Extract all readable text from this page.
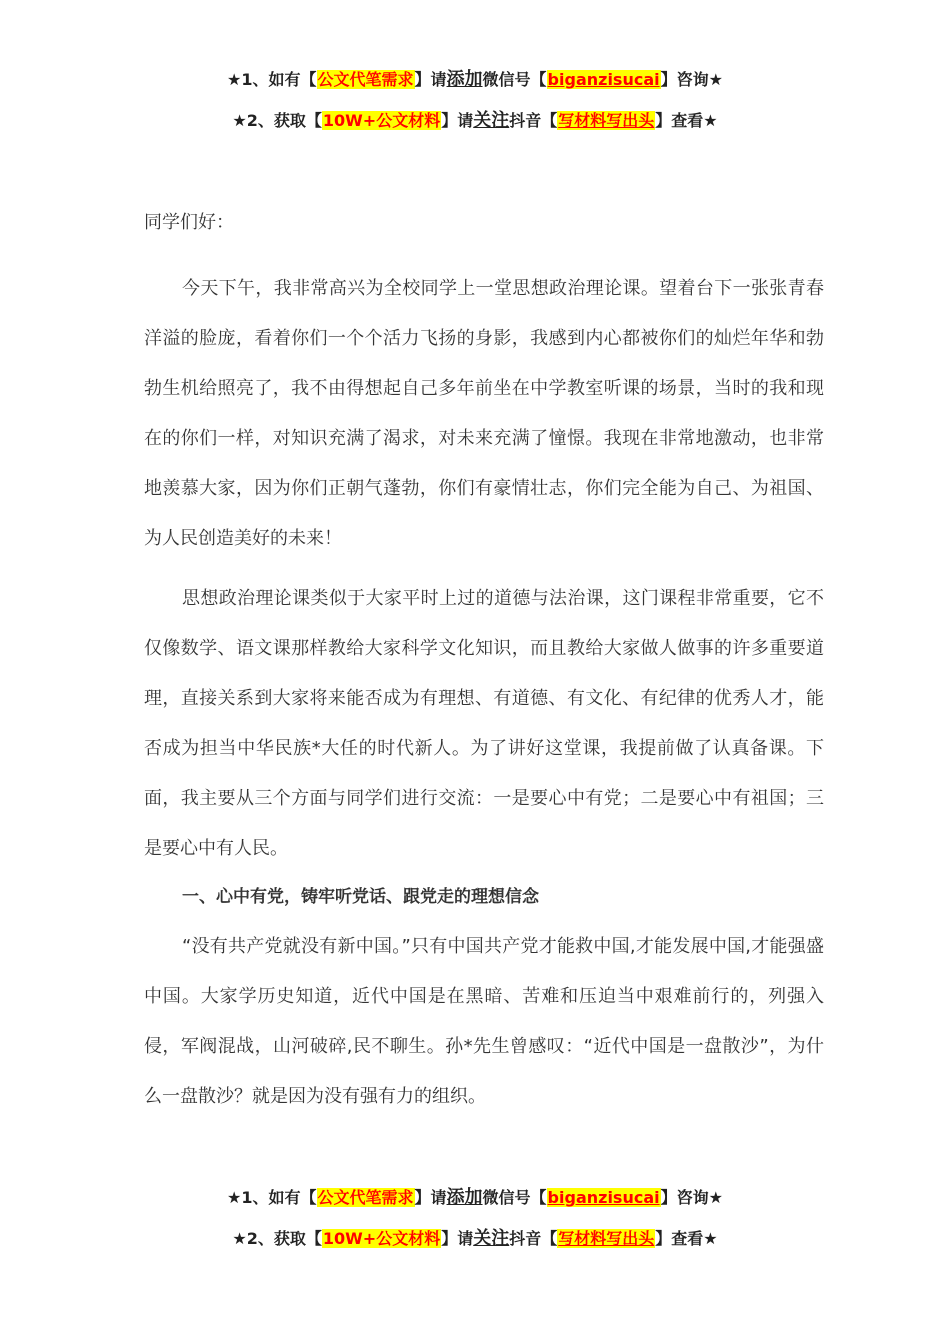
★1、如有【公文代笔需求】请添加微信号【biganzisucai】咨询★
★2、获取【10W+公文材料】请关注抖音【写材料写出头】查看★
同学们好：

今天下午，我非常高兴为全校同学上一堂思想政治理论课。望着台下一张张青春洋溢的脸庞，看着你们一个个活力飞扬的身影，我感到内心都被你们的灿烂年华和勃勃生机给照亮了，我不由得想起自己多年前坐在中学教室听课的场景，当时的我和现在的你们一样，对知识充满了渴求，对未来充满了憧憬。我现在非常地激动，也非常地羡慕大家，因为你们正朝气蓬勃，你们有豪情壮志，你们完全能为自己、为祖国、为人民创造美好的未来！

思想政治理论课类似于大家平时上过的道德与法治课，这门课程非常重要，它不仅像数学、语文课那样教给大家科学文化知识，而且教给大家做人做事的许多重要道理，直接关系到大家将来能否成为有理想、有道德、有文化、有纪律的优秀人才，能否成为担当中华民族*大任的时代新人。为了讲好这堂课，我提前做了认真备课。下面，我主要从三个方面与同学们进行交流：一是要心中有党；二是要心中有祖国；三是要心中有人民。

一、心中有党，铸牢听党话、跟党走的理想信念

“没有共产党就没有新中国。”只有中国共产党才能救中国,才能发展中国,才能强盛中国。大家学历史知道，近代中国是在黑暗、苦难和压迫当中艰难前行的，列强入侵，军阀混战，山河破碎,民不聊生。孙*先生曾感叹：“近代中国是一盘散沙”，为什么一盘散沙？就是因为没有强有力的组织。

★1、如有【公文代笔需求】请添加微信号【biganzisucai】咨询★
★2、获取【10W+公文材料】请关注抖音【写材料写出头】查看★
